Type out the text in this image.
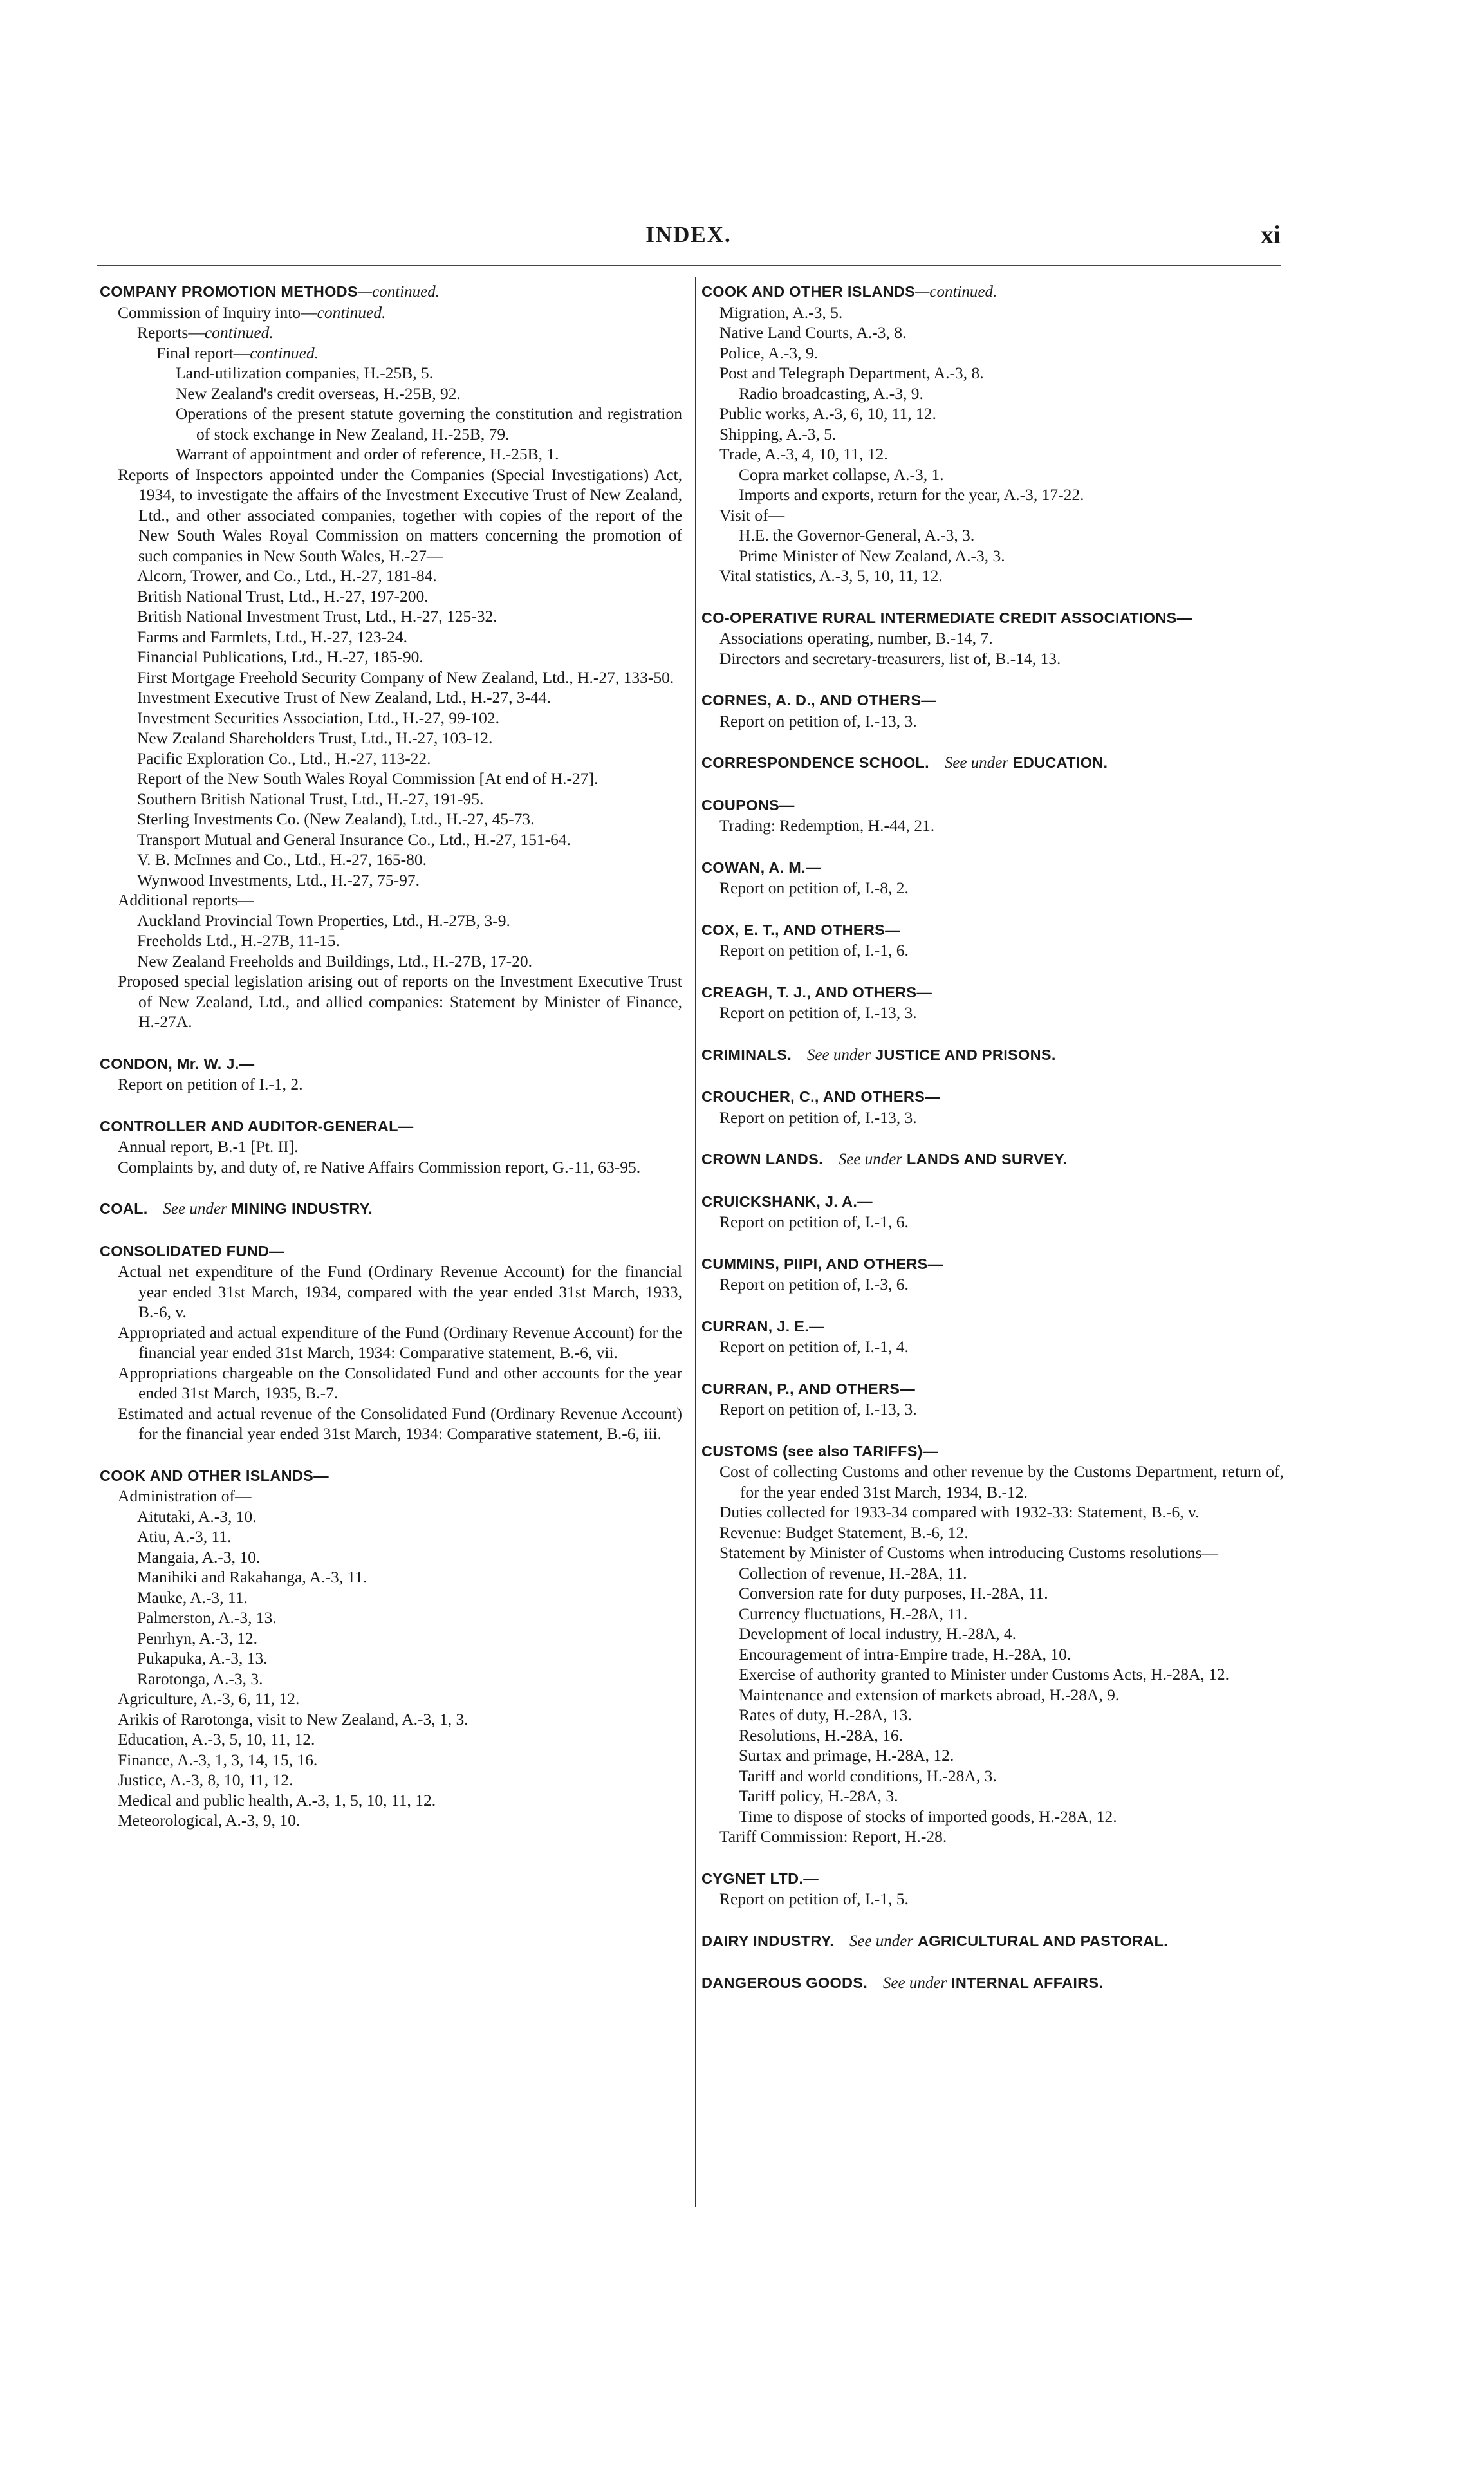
INDEX.	xi
COMPANY PROMOTION METHODS—continued.
Commission of Inquiry into—continued.
Reports—continued.
Final report—continued.
Land-utilization companies, H.-25B, 5.
New Zealand's credit overseas, H.-25B, 92.
Operations of the present statute governing the constitution and registration of stock exchange in New Zealand, H.-25B, 79.
Warrant of appointment and order of reference, H.-25B, 1.
Reports of Inspectors appointed under the Companies (Special Investigations) Act, 1934, to investigate the affairs of the Investment Executive Trust of New Zealand, Ltd., and other associated companies, together with copies of the report of the New South Wales Royal Commission on matters concerning the promotion of such companies in New South Wales, H.-27—
Alcorn, Trower, and Co., Ltd., H.-27, 181-84.
British National Trust, Ltd., H.-27, 197-200.
British National Investment Trust, Ltd., H.-27, 125-32.
Farms and Farmlets, Ltd., H.-27, 123-24.
Financial Publications, Ltd., H.-27, 185-90.
First Mortgage Freehold Security Company of New Zealand, Ltd., H.-27, 133-50.
Investment Executive Trust of New Zealand, Ltd., H.-27, 3-44.
Investment Securities Association, Ltd., H.-27, 99-102.
New Zealand Shareholders Trust, Ltd., H.-27, 103-12.
Pacific Exploration Co., Ltd., H.-27, 113-22.
Report of the New South Wales Royal Commission [At end of H.-27].
Southern British National Trust, Ltd., H.-27, 191-95.
Sterling Investments Co. (New Zealand), Ltd., H.-27, 45-73.
Transport Mutual and General Insurance Co., Ltd., H.-27, 151-64.
V. B. McInnes and Co., Ltd., H.-27, 165-80.
Wynwood Investments, Ltd., H.-27, 75-97.
Additional reports—
Auckland Provincial Town Properties, Ltd., H.-27B, 3-9.
Freeholds Ltd., H.-27B, 11-15.
New Zealand Freeholds and Buildings, Ltd., H.-27B, 17-20.
Proposed special legislation arising out of reports on the Investment Executive Trust of New Zealand, Ltd., and allied companies: Statement by Minister of Finance, H.-27A.
CONDON, Mr. W. J.—
Report on petition of I.-1, 2.
CONTROLLER AND AUDITOR-GENERAL—
Annual report, B.-1 [Pt. II].
Complaints by, and duty of, re Native Affairs Commission report, G.-11, 63-95.
COAL.  See under MINING INDUSTRY.
CONSOLIDATED FUND—
Actual net expenditure of the Fund (Ordinary Revenue Account) for the financial year ended 31st March, 1934, compared with the year ended 31st March, 1933, B.-6, v.
Appropriated and actual expenditure of the Fund (Ordinary Revenue Account) for the financial year ended 31st March, 1934: Comparative statement, B.-6, vii.
Appropriations chargeable on the Consolidated Fund and other accounts for the year ended 31st March, 1935, B.-7.
Estimated and actual revenue of the Consolidated Fund (Ordinary Revenue Account) for the financial year ended 31st March, 1934: Comparative statement, B.-6, iii.
COOK AND OTHER ISLANDS—
Administration of—
Aitutaki, A.-3, 10.
Atiu, A.-3, 11.
Mangaia, A.-3, 10.
Manihiki and Rakahanga, A.-3, 11.
Mauke, A.-3, 11.
Palmerston, A.-3, 13.
Penrhyn, A.-3, 12.
Pukapuka, A.-3, 13.
Rarotonga, A.-3, 3.
Agriculture, A.-3, 6, 11, 12.
Arikis of Rarotonga, visit to New Zealand, A.-3, 1, 3.
Education, A.-3, 5, 10, 11, 12.
Finance, A.-3, 1, 3, 14, 15, 16.
Justice, A.-3, 8, 10, 11, 12.
Medical and public health, A.-3, 1, 5, 10, 11, 12.
Meteorological, A.-3, 9, 10.
COOK AND OTHER ISLANDS—continued.
Migration, A.-3, 5.
Native Land Courts, A.-3, 8.
Police, A.-3, 9.
Post and Telegraph Department, A.-3, 8.
Radio broadcasting, A.-3, 9.
Public works, A.-3, 6, 10, 11, 12.
Shipping, A.-3, 5.
Trade, A.-3, 4, 10, 11, 12.
Copra market collapse, A.-3, 1.
Imports and exports, return for the year, A.-3, 17-22.
Visit of—
H.E. the Governor-General, A.-3, 3.
Prime Minister of New Zealand, A.-3, 3.
Vital statistics, A.-3, 5, 10, 11, 12.
CO-OPERATIVE RURAL INTERMEDIATE CREDIT ASSOCIATIONS—
Associations operating, number, B.-14, 7.
Directors and secretary-treasurers, list of, B.-14, 13.
CORNES, A. D., AND OTHERS—
Report on petition of, I.-13, 3.
CORRESPONDENCE SCHOOL.  See under EDUCATION.
COUPONS—
Trading: Redemption, H.-44, 21.
COWAN, A. M.—
Report on petition of, I.-8, 2.
COX, E. T., AND OTHERS—
Report on petition of, I.-1, 6.
CREAGH, T. J., AND OTHERS—
Report on petition of, I.-13, 3.
CRIMINALS.  See under JUSTICE AND PRISONS.
CROUCHER, C., AND OTHERS—
Report on petition of, I.-13, 3.
CROWN LANDS.  See under LANDS AND SURVEY.
CRUICKSHANK, J. A.—
Report on petition of, I.-1, 6.
CUMMINS, PIIPI, AND OTHERS—
Report on petition of, I.-3, 6.
CURRAN, J. E.—
Report on petition of, I.-1, 4.
CURRAN, P., AND OTHERS—
Report on petition of, I.-13, 3.
CUSTOMS (see also TARIFFS)—
Cost of collecting Customs and other revenue by the Customs Department, return of, for the year ended 31st March, 1934, B.-12.
Duties collected for 1933-34 compared with 1932-33: Statement, B.-6, v.
Revenue: Budget Statement, B.-6, 12.
Statement by Minister of Customs when introducing Customs resolutions—
Collection of revenue, H.-28A, 11.
Conversion rate for duty purposes, H.-28A, 11.
Currency fluctuations, H.-28A, 11.
Development of local industry, H.-28A, 4.
Encouragement of intra-Empire trade, H.-28A, 10.
Exercise of authority granted to Minister under Customs Acts, H.-28A, 12.
Maintenance and extension of markets abroad, H.-28A, 9.
Rates of duty, H.-28A, 13.
Resolutions, H.-28A, 16.
Surtax and primage, H.-28A, 12.
Tariff and world conditions, H.-28A, 3.
Tariff policy, H.-28A, 3.
Time to dispose of stocks of imported goods, H.-28A, 12.
Tariff Commission: Report, H.-28.
CYGNET LTD.—
Report on petition of, I.-1, 5.
DAIRY INDUSTRY.  See under AGRICULTURAL AND PASTORAL.
DANGEROUS GOODS.  See under INTERNAL AFFAIRS.
